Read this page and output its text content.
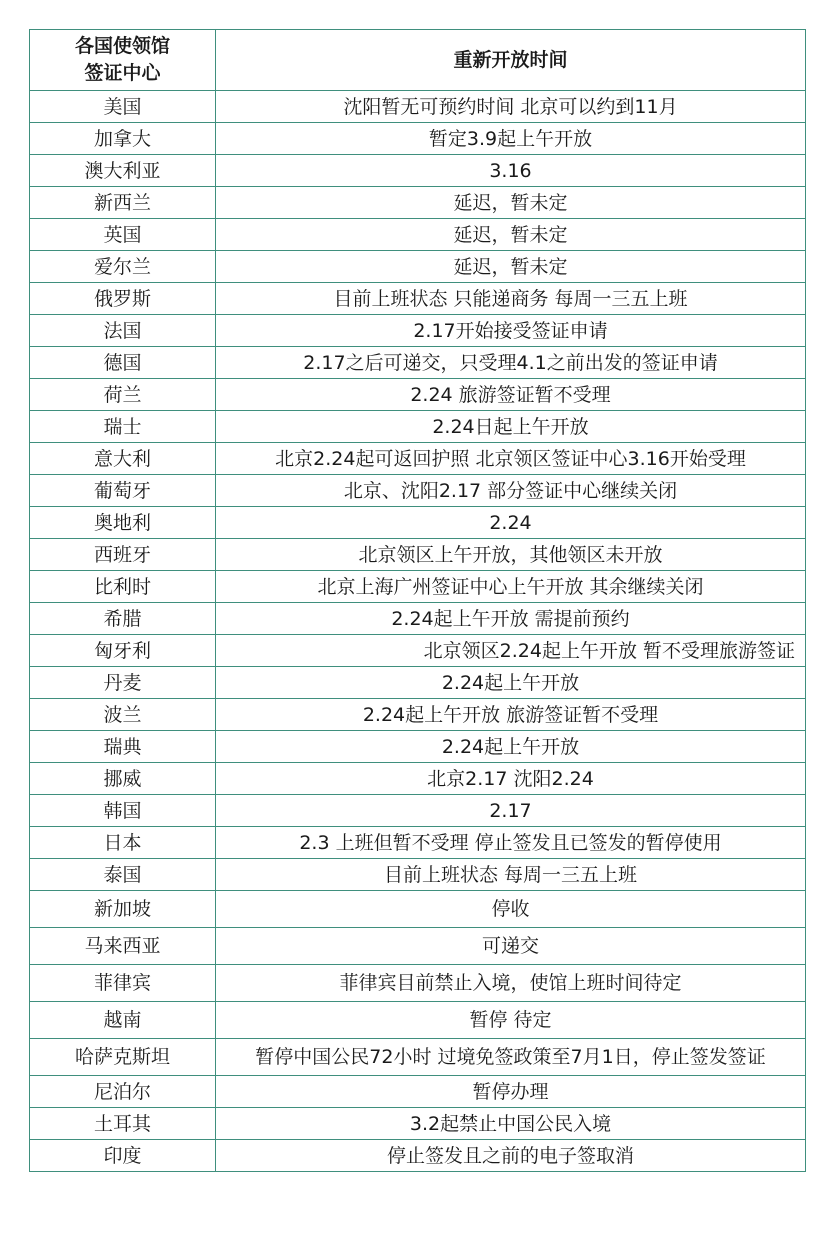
各国使领馆
签证中心	重新开放时间
美国	沈阳暂无可预约时间 北京可以约到11月
加拿大	暂定3.9起上午开放
澳大利亚	3.16
新西兰	延迟，暂未定
英国	延迟，暂未定
爱尔兰	延迟，暂未定
俄罗斯	目前上班状态 只能递商务 每周一三五上班
法国	2.17开始接受签证申请
德国	2.17之后可递交，只受理4.1之前出发的签证申请
荷兰	2.24 旅游签证暂不受理
瑞士	2.24日起上午开放
意大利	北京2.24起可返回护照 北京领区签证中心3.16开始受理
葡萄牙	北京、沈阳2.17 部分签证中心继续关闭
奥地利	2.24
西班牙	北京领区上午开放，其他领区未开放
比利时	北京上海广州签证中心上午开放 其余继续关闭
希腊	2.24起上午开放 需提前预约
匈牙利	北京领区2.24起上午开放 暂不受理旅游签证
丹麦	2.24起上午开放
波兰	2.24起上午开放 旅游签证暂不受理
瑞典	2.24起上午开放
挪威	北京2.17 沈阳2.24
韩国	2.17
日本	2.3 上班但暂不受理 停止签发且已签发的暂停使用
泰国	目前上班状态 每周一三五上班
新加坡	停收
马来西亚	可递交
菲律宾	菲律宾目前禁止入境，使馆上班时间待定
越南	暂停 待定
哈萨克斯坦	暂停中国公民72小时 过境免签政策至7月1日，停止签发签证
尼泊尔	暂停办理
土耳其	3.2起禁止中国公民入境
印度	停止签发且之前的电子签取消
